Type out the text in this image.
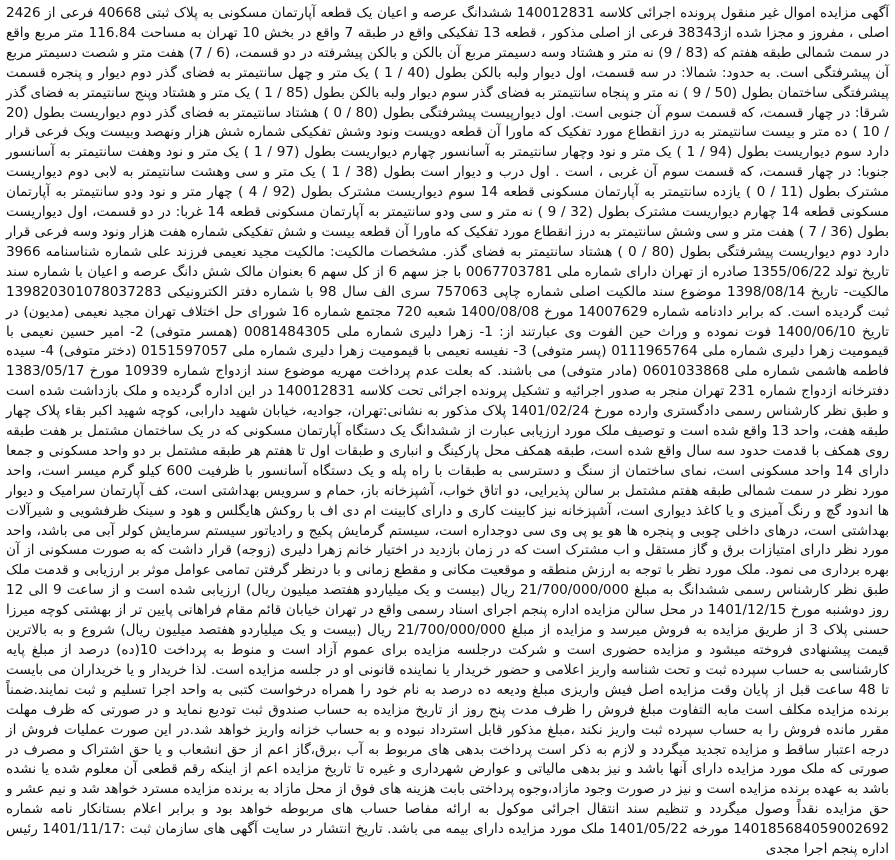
آگهی مزایده اموال غیر منقول پرونده اجرائی کلاسه 140012831 ششدانگ عرصه و اعیان یک قطعه آپارتمان مسکونی به پلاک ثبتی 40668 فرعی از 2426 اصلی ، مفروز و مجزا شده از38343 فرعی از اصلی مذکور ، قطعه 13 تفکیکی واقع در طبقه 7 واقع در بخش 10 تهران به مساحت 116.84 متر مربع واقع در سمت شمالی طبقه هفتم که (83 / 9) نه متر و هشتاد وسه دسیمتر مربع آن بالکن و بالکن پیشرفته در دو قسمت، (6 / 7) هفت متر و شصت دسیمتر مربع آن پیشرفتگی است. به حدود: شمالا: در سه قسمت، اول دیوار ولبه بالکن بطول (40 / 1 ) یک متر و چهل سانتیمتر به فضای گذر دوم دیوار و پنجره قسمت پیشرفتگی ساختمان بطول (50 / 9 ) نه متر و پنجاه سانتیمتر به فضای گذر سوم دیوار ولبه بالکن بطول (85 / 1 ) یک متر و هشتاد وپنج سانتیمتر به فضای گذر شرقا: در چهار قسمت، که قسمت سوم آن جنوبی است. اول دیوارپیست پیشرفتگی بطول (80 / 0 ) هشتاد سانتیمتر به فضای گذر دوم دیواریست بطول (20 / 10 ) ده متر و بیست سانتیمتر به درز انقطاع مورد تفکیک که ماورا آن قطعه دویست ونود وشش تفکیکی شماره شش هزار ونهصد وبیست ویک فرعی قرار دارد سوم دیواریست بطول (94 / 1 ) یک متر و نود وچهار سانتیمتر به آسانسور چهارم دیواریست بطول (97 / 1 ) یک متر و نود وهفت سانتیمتر به آسانسور جنوبا: در چهار قسمت، که قسمت سوم آن غربی ، است . اول درب و دیوار است بطول (38 / 1 ) یک متر و سی وهشت سانتیمتر به لابی دوم دیواریست مشترک بطول (11 / 0 ) یازده سانتیمتر به آپارتمان مسکونی قطعه 14 سوم دیواریست مشترک بطول (92 / 4 ) چهار متر و نود ودو سانتیمتر به آپارتمان مسکونی قطعه 14 چهارم دیواریست مشترک بطول (32 / 9 ) نه متر و سی ودو سانتیمتر به آپارتمان مسکونی قطعه 14 غربا: در دو قسمت، اول دیواریست بطول (36 / 7 ) هفت متر و سی وشش سانتیمتر به درز انقطاع مورد تفکیک که ماورا آن قطعه بیست و شش تفکیکی شماره هفت هزار ونود وسه فرعی قرار دارد دوم دیواریست پیشرفتگی بطول (80 / 0 ) هشتاد سانتیمتر به فضای گذر. مشخصات مالکیت: مالکیت مجید نعیمی فرزند علی شماره شناسنامه 3966 تاریخ تولد 1355/06/22 صادره از تهران دارای شماره ملی 0067703781 با جز سهم 6 از کل سهم 6 بعنوان مالک شش دانگ عرصه و اعیان با شماره سند مالکیت- تاریخ 1398/08/14 موضوع سند مالکیت اصلی شماره چاپی 757063 سری الف سال 98 با شماره دفتر الکترونیکی 139820301078037283 ثبت گردیده است. که برابر دادنامه شماره 14007629 مورخ 1400/08/08 شعبه 720 مجتمع شماره 16 شورای حل اختلاف تهران مجید نعیمی (مدیون) در تاریخ 1400/06/10 فوت نموده و وراث حین الفوت وی عبارتند از: 1- زهرا دلیری شماره ملی 0081484305 (همسر متوفی) 2- امیر حسین نعیمی با قیمومیت زهرا دلیری شماره ملی 0111965764 (پسر متوفی) 3- نفیسه نعیمی با قیمومیت زهرا دلیری شماره ملی 0151597057 (دختر متوفی) 4- سیده فاطمه هاشمی شماره ملی 0601033868 (مادر متوفی) می باشند. که بعلت عدم پرداخت مهریه موضوع سند ازدواج شماره 10939 مورخ 1383/05/17 دفترخانه ازدواج شماره 231 تهران منجر به صدور اجرائیه و تشکیل پرونده اجرائی تحت کلاسه 140012831 در این اداره گردیده و ملک بازداشت شده است و طبق نظر کارشناس رسمی دادگستری وارده مورخ 1401/02/24 پلاک مذکور به نشانی:تهران، جوادیه، خیابان شهید دارابی، کوچه شهید اکبر بقاء پلاک چهار طبقه هفت، واحد 13 واقع شده است و توصیف ملک مورد ارزیابی عبارت از ششدانگ یک دستگاه آپارتمان مسکونی که در یک ساختمان مشتمل بر هفت طبقه روی همکف با قدمت حدود سه سال واقع شده است، طبقه همکف محل پارکینگ و انباری و طبقات اول تا هفتم هر طبقه مشتمل بر دو واحد مسکونی و جمعا دارای 14 واحد مسکونی است، نمای ساختمان از سنگ و دسترسی به طبقات با راه پله و یک دستگاه آسانسور با ظرفیت 600 کیلو گرم میسر است، واحد مورد نظر در سمت شمالی طبقه هفتم مشتمل بر سالن پذیرایی، دو اتاق خواب، آشپزخانه باز، حمام و سرویس بهداشتی است، کف آپارتمان سرامیک و دیوار ها اندود گچ و رنگ آمیزی و یا کاغذ دیواری است، آشپزخانه نیز کابینت کاری و دارای کابینت ام دی اف با روکش هایگلس و هود و سینک ظرفشویی و شیرآلات بهداشتی است، درهای داخلی چوبی و پنجره ها هو یو پی وی سی دوجداره است، سیستم گرمایش پکیج و رادیاتور سیستم سرمایش کولر آبی می باشد، واحد مورد نظر دارای امتیازات برق و گاز مستقل و اب مشترک است که در زمان بازدید در اختیار خانم زهرا دلیری (زوجه) قرار داشت که به صورت مسکونی از آن بهره برداری می نمود. ملک مورد نظر با توجه به ارزش منطقه و موقعیت مکانی و مقطع زمانی و با درنظر گرفتن تمامی عوامل موثر بر ارزیابی و قدمت ملک طبق نظر کارشناس رسمی ششدانگ به مبلغ 21/700/000/000 ریال (بیست و یک میلیاردو هفتصد میلیون ریال) ارزیابی شده است و از ساعت 9 الی 12 روز دوشنبه مورخ 1401/12/15 در محل سالن مزایده اداره پنجم اجرای اسناد رسمی واقع در تهران خیابان قائم مقام فراهانی پایین تر از بهشتی کوچه میرزا حسنی پلاک 3 از طریق مزایده به فروش میرسد و مزایده از مبلغ 21/700/000/000 ریال (بیست و یک میلیاردو هفتصد میلیون ریال) شروع و به بالاترین قیمت پیشنهادی فروخته میشود و مزایده حضوری است و شرکت درجلسه مزایده برای عموم آزاد است و منوط به پرداخت 10(ده) درصد از مبلغ پایه کارشناسی به حساب سپرده ثبت و تحت شناسه واریز اعلامی و حضور خریدار یا نماینده قانونی او در جلسه مزایده است. لذا خریدار و یا خریداران می بایست تا 48 ساعت قبل از پایان وقت مزایده اصل فیش واریزی مبلغ ودیعه ده درصد به نام خود را همراه درخواست کتبی به واحد اجرا تسلیم و ثبت نمایند.ضمناً برنده مزایده مکلف است مابه التفاوت مبلغ فروش را ظرف مدت پنج روز از تاریخ مزایده به حساب صندوق ثبت تودیع نماید و در صورتی که ظرف مهلت مقرر مانده فروش را به حساب سپرده ثبت واریز نکند ،مبلغ مذکور قابل استرداد نبوده و به حساب خزانه واریز خواهد شد.در این صورت عملیات فروش از درجه اعتبار ساقط و مزایده تجدید میگردد و لازم به ذکر است پرداخت بدهی های مربوط به آب ،برق،گاز اعم از حق انشعاب و یا حق اشتراک و مصرف در صورتی که ملک مورد مزایده دارای آنها باشد و نیز بدهی مالیاتی و عوارض شهرداری و غیره تا تاریخ مزایده اعم از اینکه رقم قطعی آن معلوم شده یا نشده باشد به عهده برنده مزایده است و نیز در صورت وجود مازاد،وجوه پرداختی بابت هزینه های فوق از محل مازاد به برنده مزایده مسترد خواهد شد و نیم عشر و حق مزایده نقداً وصول میگردد و تنظیم سند انتقال اجرائی موکول به ارائه مفاصا حساب های مربوطه خواهد بود و برابر اعلام بستانکار نامه شماره 140185684059002692 مورخه 1401/05/22 ملک مورد مزایده دارای بیمه می باشد. تاریخ انتشار در سایت آگهی های سازمان ثبت :1401/11/17 رئیس اداره پنجم اجرا مجدی
